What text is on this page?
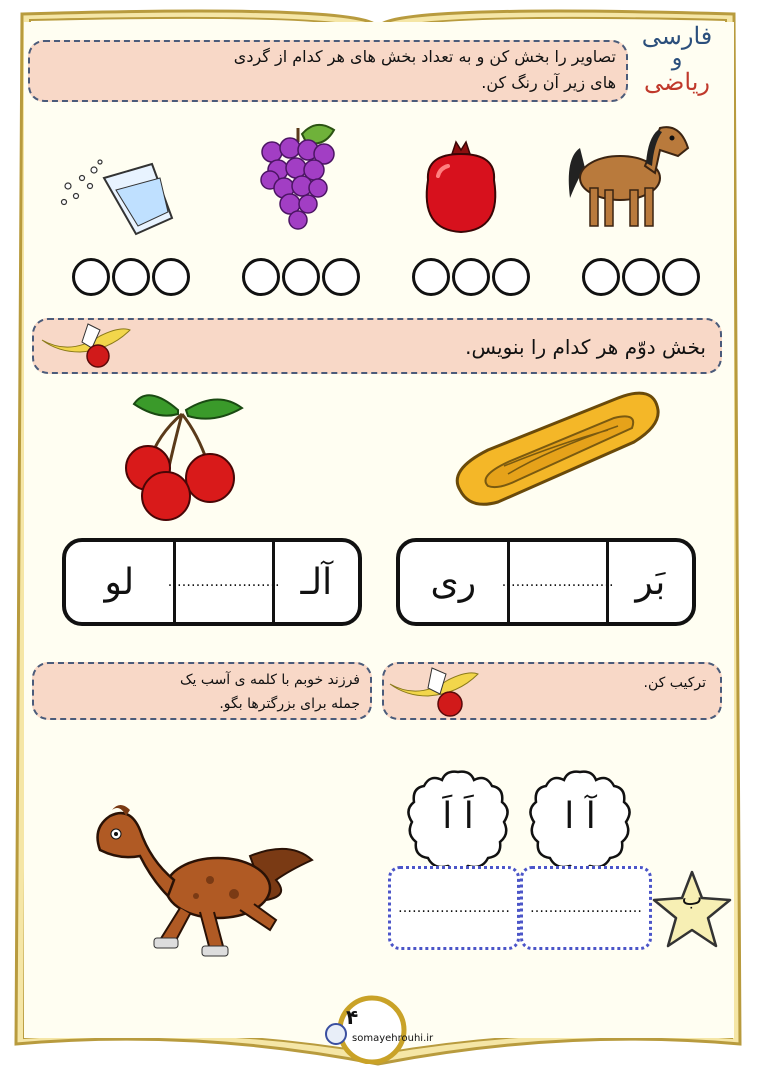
فارسی
و
ریاضی
تصاویر را بخش کن و به تعداد بخش های هر کدام از گردی
های زیر آن رنگ کن.
بخش دوّم هر کدام را بنویس.
بَر
……………………
ری
آلـ
……………………
لو
فرزند خوبم با کلمه ی آسب یک
جمله برای بزرگترها بگو.
ترکیب کن.
آ ا
اَ اَ
……………………
……………………	ب
۴
somayehrouhi.ir
